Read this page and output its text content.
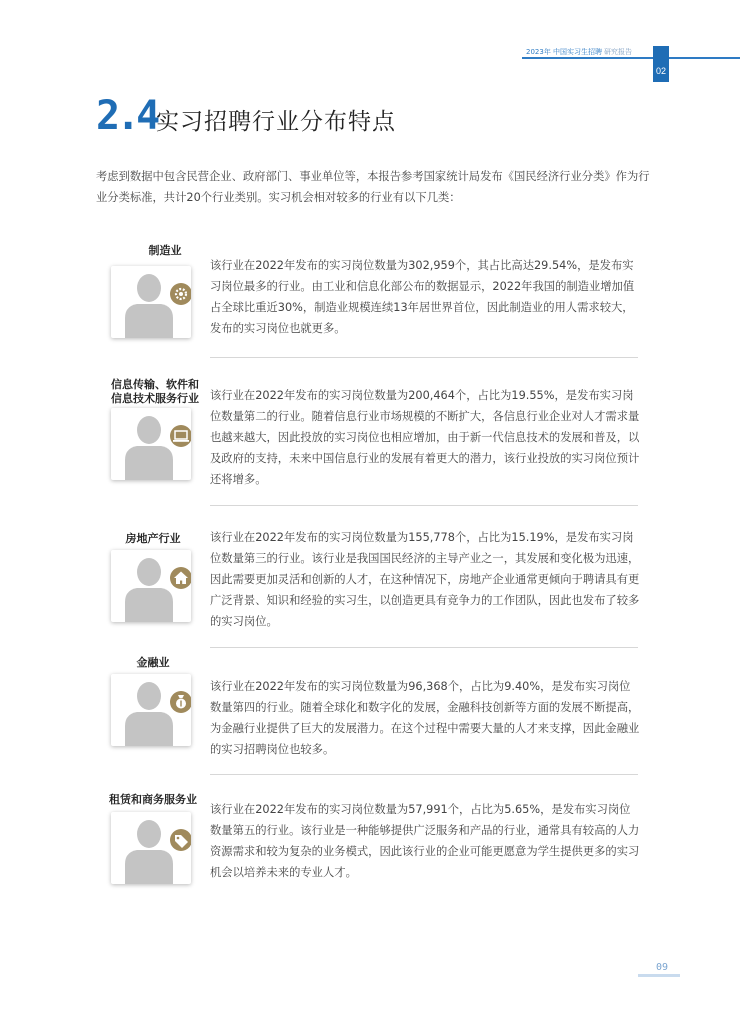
2023年 中国实习生招聘 研究报告
02
2.4 实习招聘行业分布特点
考虑到数据中包含民营企业、政府部门、事业单位等，本报告参考国家统计局发布《国民经济行业分类》作为行业分类标准，共计20个行业类别。实习机会相对较多的行业有以下几类：
制造业
该行业在2022年发布的实习岗位数量为302,959个，其占比高达29.54%，是发布实习岗位最多的行业。由工业和信息化部公布的数据显示，2022年我国的制造业增加值占全球比重近30%，制造业规模连续13年居世界首位，因此制造业的用人需求较大，发布的实习岗位也就更多。
信息传输、软件和信息技术服务行业 该行业在2022年发布的实习岗位数量为200,464个，占比为19.55%，是发布实习岗位数量第二的行业。随着信息行业市场规模的不断扩大，各信息行业企业对人才需求量也越来越大，因此投放的实习岗位也相应增加，由于新一代信息技术的发展和普及，以及政府的支持，未来中国信息行业的发展有着更大的潜力，该行业投放的实习岗位预计还将增多。
房地产行业	该行业在2022年发布的实习岗位数量为155,778个，占比为15.19%，是发布实习岗位数量第三的行业。该行业是我国国民经济的主导产业之一，其发展和变化极为迅速，因此需要更加灵活和创新的人才，在这种情况下，房地产企业通常更倾向于聘请具有更广泛背景、知识和经验的实习生，以创造更具有竞争力的工作团队，因此也发布了较多的实习岗位。
金融业
该行业在2022年发布的实习岗位数量为96,368个，占比为9.40%，是发布实习岗位数量第四的行业。随着全球化和数字化的发展，金融科技创新等方面的发展不断提高，为金融行业提供了巨大的发展潜力。在这个过程中需要大量的人才来支撑，因此金融业的实习招聘岗位也较多。
租赁和商务服务业
该行业在2022年发布的实习岗位数量为57,991个，占比为5.65%，是发布实习岗位数量第五的行业。该行业是一种能够提供广泛服务和产品的行业，通常具有较高的人力资源需求和较为复杂的业务模式，因此该行业的企业可能更愿意为学生提供更多的实习机会以培养未来的专业人才。
09
